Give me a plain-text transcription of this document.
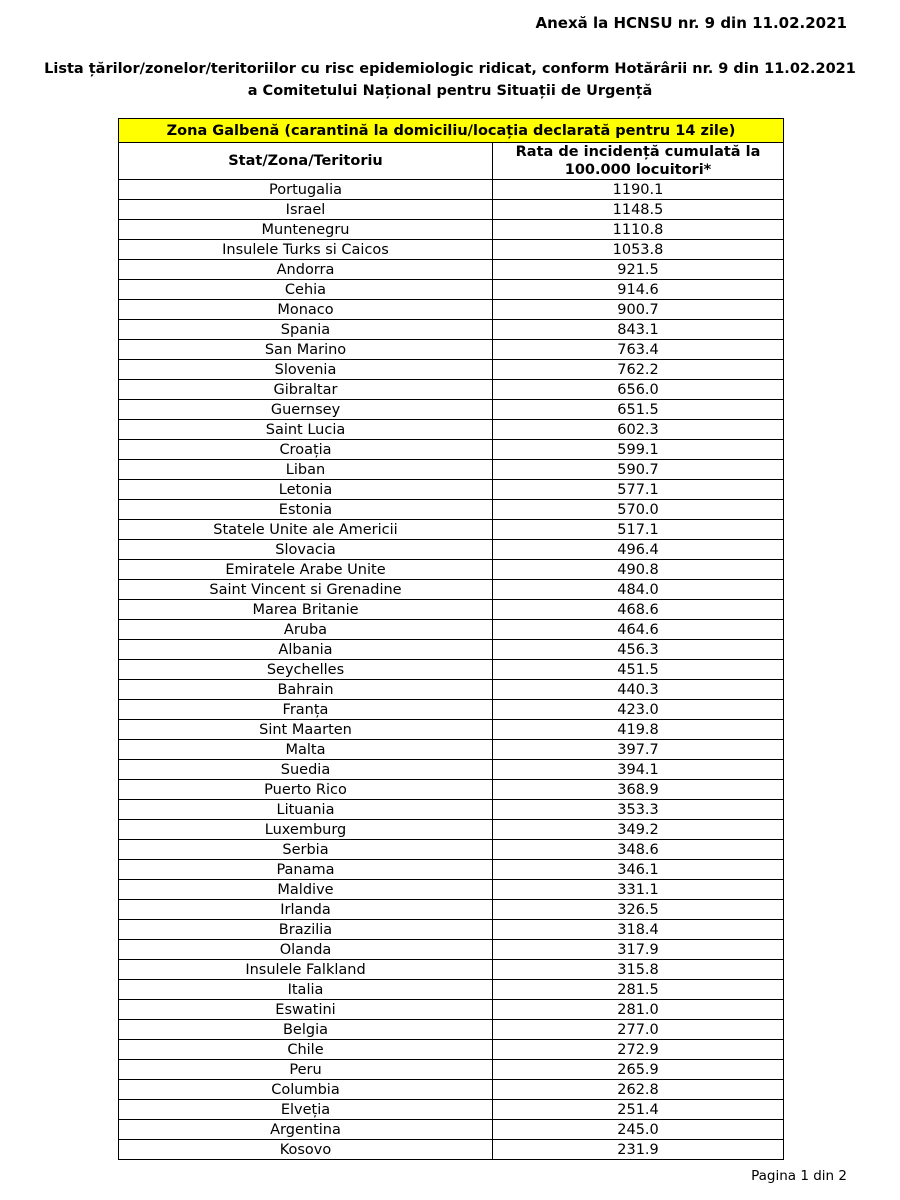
Anexă la HCNSU nr. 9 din 11.02.2021
Lista țărilor/zonelor/teritoriilor cu risc epidemiologic ridicat, conform Hotărârii nr. 9 din 11.02.2021 a Comitetului Național pentru Situații de Urgență
Zona Galbenă (carantină la domiciliu/locația declarată pentru 14 zile)	
Stat/Zona/Teritoriu	Rata de incidență cumulată la 100.000 locuitori*
Portugalia	1190.1
Israel	1148.5
Muntenegru	1110.8
Insulele Turks si Caicos	1053.8
Andorra	921.5
Cehia	914.6
Monaco	900.7
Spania	843.1
San Marino	763.4
Slovenia	762.2
Gibraltar	656.0
Guernsey	651.5
Saint Lucia	602.3
Croația	599.1
Liban	590.7
Letonia	577.1
Estonia	570.0
Statele Unite ale Americii	517.1
Slovacia	496.4
Emiratele Arabe Unite	490.8
Saint Vincent si Grenadine	484.0
Marea Britanie	468.6
Aruba	464.6
Albania	456.3
Seychelles	451.5
Bahrain	440.3
Franța	423.0
Sint Maarten	419.8
Malta	397.7
Suedia	394.1
Puerto Rico	368.9
Lituania	353.3
Luxemburg	349.2
Serbia	348.6
Panama	346.1
Maldive	331.1
Irlanda	326.5
Brazilia	318.4
Olanda	317.9
Insulele Falkland	315.8
Italia	281.5
Eswatini	281.0
Belgia	277.0
Chile	272.9
Peru	265.9
Columbia	262.8
Elveția	251.4
Argentina	245.0
Kosovo	231.9
Pagina 1 din 2
